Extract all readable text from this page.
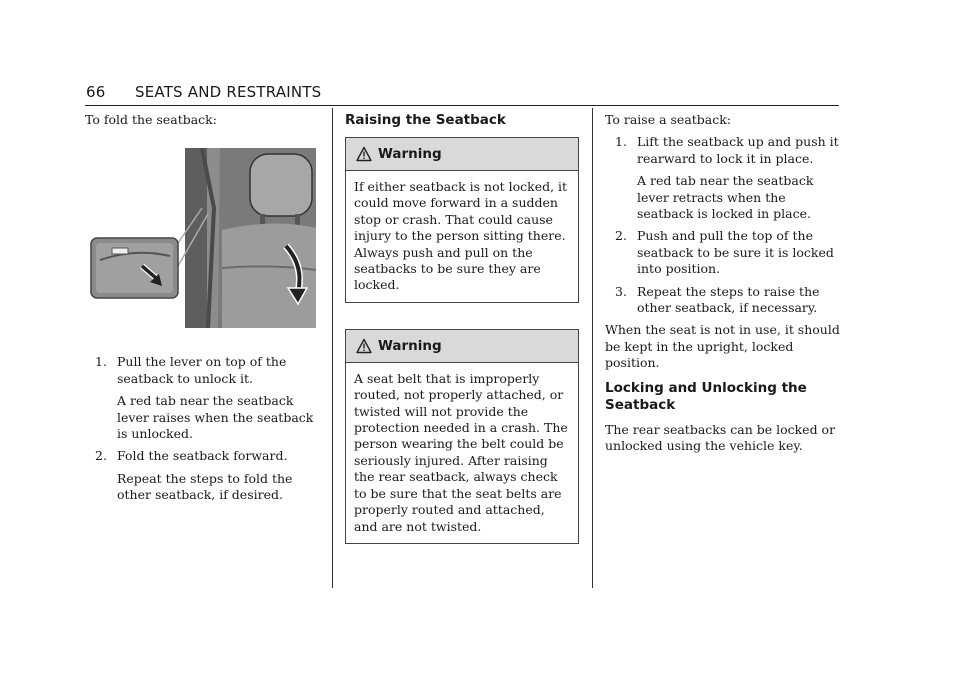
66 SEATS AND RESTRAINTS

To fold the seatback:

1. Pull the lever on top of the seatback to unlock it.
A red tab near the seatback lever raises when the seatback is unlocked.
2. Fold the seatback forward.
Repeat the steps to fold the other seatback, if desired.
Raising the Seatback
Warning
If either seatback is not locked, it could move forward in a sudden stop or crash. That could cause injury to the person sitting there. Always push and pull on the seatbacks to be sure they are locked.
Warning
A seat belt that is improperly routed, not properly attached, or twisted will not provide the protection needed in a crash. The person wearing the belt could be seriously injured. After raising the rear seatback, always check to be sure that the seat belts are properly routed and attached, and are not twisted.

To raise a seatback:

1. Lift the seatback up and push it rearward to lock it in place.
A red tab near the seatback lever retracts when the seatback is locked in place.
2. Push and pull the top of the seatback to be sure it is locked into position.
3. Repeat the steps to raise the other seatback, if necessary.

When the seat is not in use, it should be kept in the upright, locked position.

Locking and Unlocking the Seatback

The rear seatbacks can be locked or unlocked using the vehicle key.
